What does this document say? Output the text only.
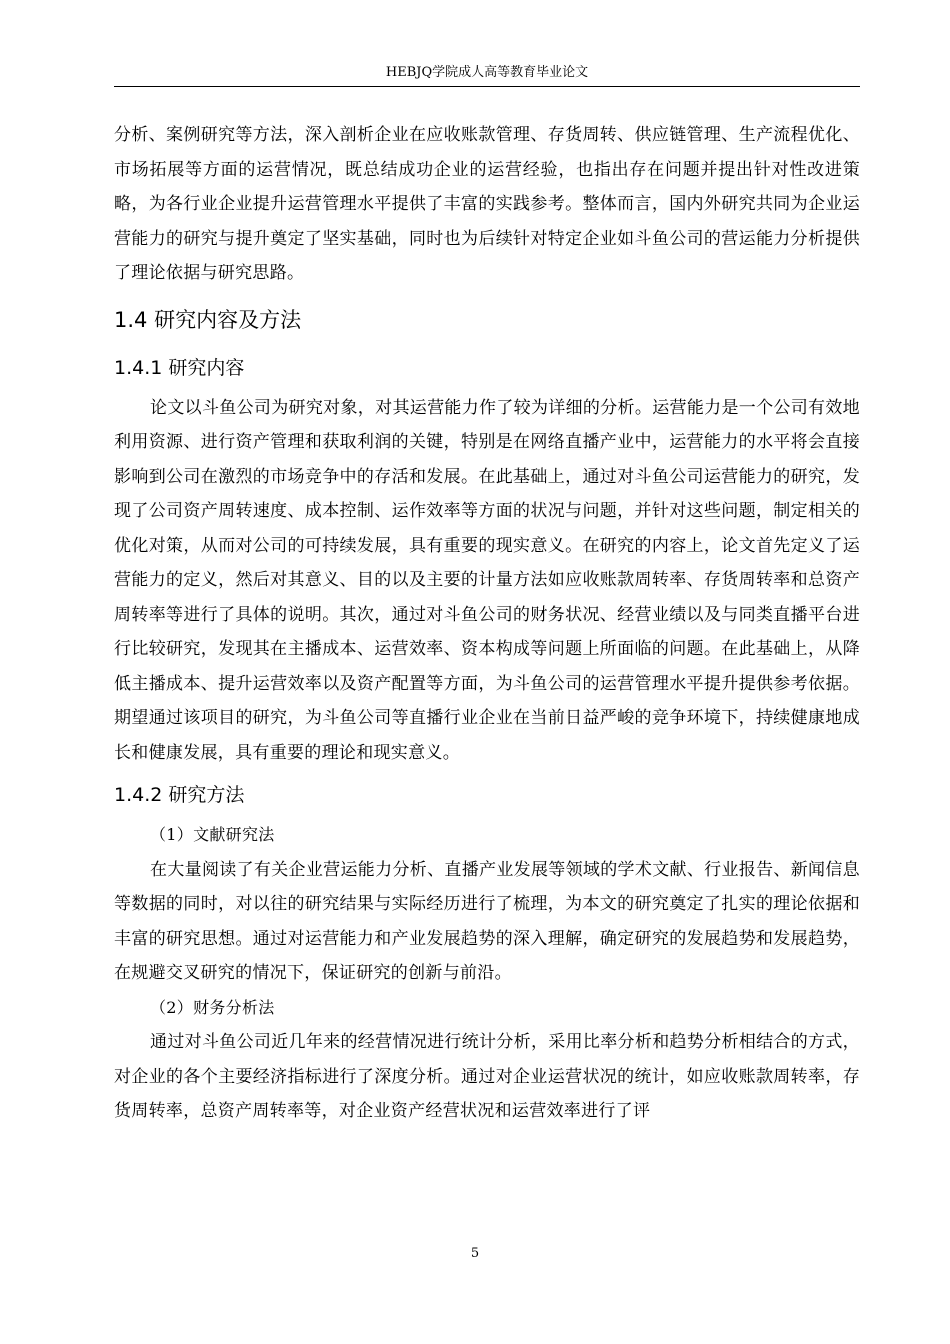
HEBJQ学院成人高等教育毕业论文

分析、案例研究等方法，深入剖析企业在应收账款管理、存货周转、供应链管理、生产流程优化、市场拓展等方面的运营情况，既总结成功企业的运营经验，也指出存在问题并提出针对性改进策略，为各行业企业提升运营管理水平提供了丰富的实践参考。整体而言，国内外研究共同为企业运营能力的研究与提升奠定了坚实基础，同时也为后续针对特定企业如斗鱼公司的营运能力分析提供了理论依据与研究思路。

1.4 研究内容及方法
1.4.1 研究内容

论文以斗鱼公司为研究对象，对其运营能力作了较为详细的分析。运营能力是一个公司有效地利用资源、进行资产管理和获取利润的关键，特别是在网络直播产业中，运营能力的水平将会直接影响到公司在激烈的市场竞争中的存活和发展。在此基础上，通过对斗鱼公司运营能力的研究，发现了公司资产周转速度、成本控制、运作效率等方面的状况与问题，并针对这些问题，制定相关的优化对策，从而对公司的可持续发展，具有重要的现实意义。在研究的内容上，论文首先定义了运营能力的定义，然后对其意义、目的以及主要的计量方法如应收账款周转率、存货周转率和总资产周转率等进行了具体的说明。其次，通过对斗鱼公司的财务状况、经营业绩以及与同类直播平台进行比较研究，发现其在主播成本、运营效率、资本构成等问题上所面临的问题。在此基础上，从降低主播成本、提升运营效率以及资产配置等方面，为斗鱼公司的运营管理水平提升提供参考依据。期望通过该项目的研究，为斗鱼公司等直播行业企业在当前日益严峻的竞争环境下，持续健康地成长和健康发展，具有重要的理论和现实意义。

1.4.2 研究方法

（1）文献研究法

在大量阅读了有关企业营运能力分析、直播产业发展等领域的学术文献、行业报告、新闻信息等数据的同时，对以往的研究结果与实际经历进行了梳理，为本文的研究奠定了扎实的理论依据和丰富的研究思想。通过对运营能力和产业发展趋势的深入理解，确定研究的发展趋势和发展趋势，在规避交叉研究的情况下，保证研究的创新与前沿。

（2）财务分析法

通过对斗鱼公司近几年来的经营情况进行统计分析，采用比率分析和趋势分析相结合的方式，对企业的各个主要经济指标进行了深度分析。通过对企业运营状况的统计，如应收账款周转率，存货周转率，总资产周转率等，对企业资产经营状况和运营效率进行了评

5
